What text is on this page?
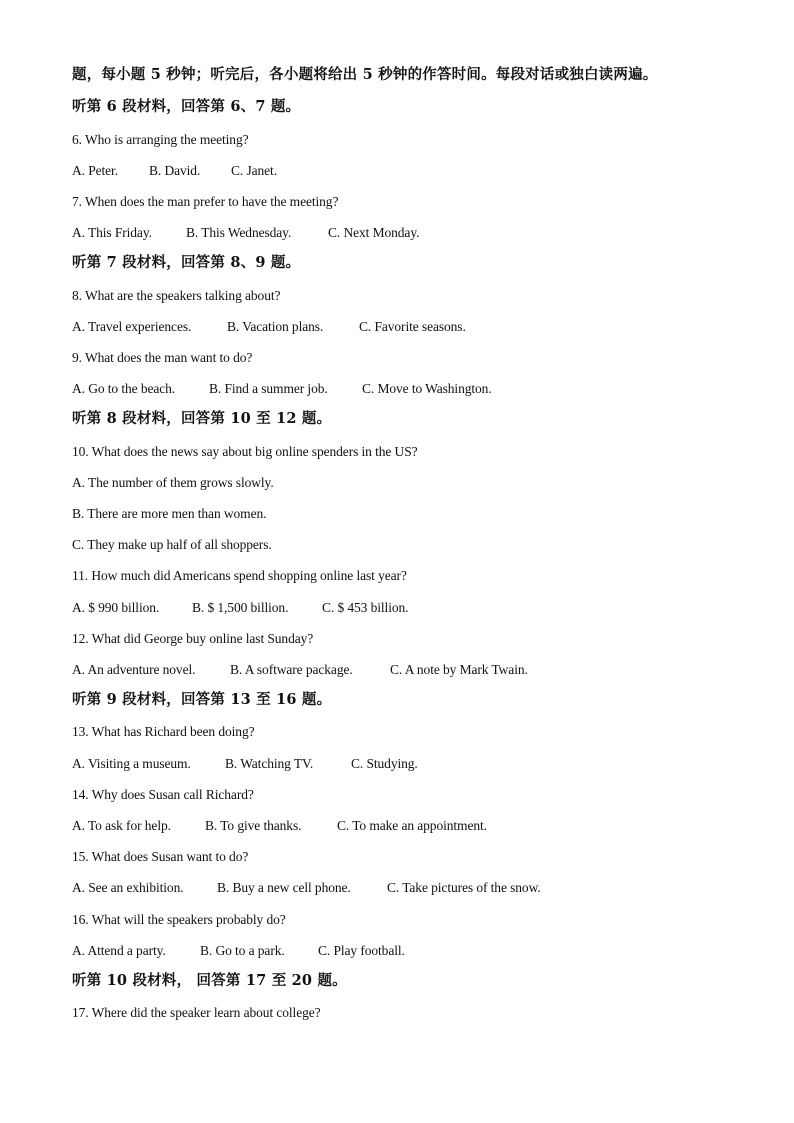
题，每小题 5 秒钟；听完后，各小题将给出 5 秒钟的作答时间。每段对话或独白读两遍。
听第 6 段材料，回答第 6、7 题。
6. Who is arranging the meeting?
A. Peter. B. David. C. Janet.
7. When does the man prefer to have the meeting?
A. This Friday.	B. This Wednesday.	C. Next Monday.
听第 7 段材料，回答第 8、9 题。
8. What are the speakers talking about?
A. Travel experiences.	B. Vacation plans.	C. Favorite seasons.
9. What does the man want to do?
A. Go to the beach.	B. Find a summer job.	C. Move to Washington.
听第 8 段材料，回答第 10 至 12 题。
10. What does the news say about big online spenders in the US?
A. The number of them grows slowly.
B. There are more men than women.
C. They make up half of all shoppers.
11. How much did Americans spend shopping online last year?
A. $ 990 billion. B. $ 1,500 billion. C. $ 453 billion.
12. What did George buy online last Sunday?
A. An adventure novel.	B. A software package.	C. A note by Mark Twain.
听第 9 段材料，回答第 13 至 16 题。
13. What has Richard been doing?
A. Visiting a museum.	B. Watching TV.	C. Studying.
14. Why does Susan call Richard?
A. To ask for help.	B. To give thanks.	C. To make an appointment.
15. What does Susan want to do?
A. See an exhibition. B. Buy a new cell phone.	C. Take pictures of the snow.
16. What will the speakers probably do?
A. Attend a party.	B. Go to a park. C. Play football.
听第 10 段材料， 回答第 17 至 20 题。
17. Where did the speaker learn about college?
